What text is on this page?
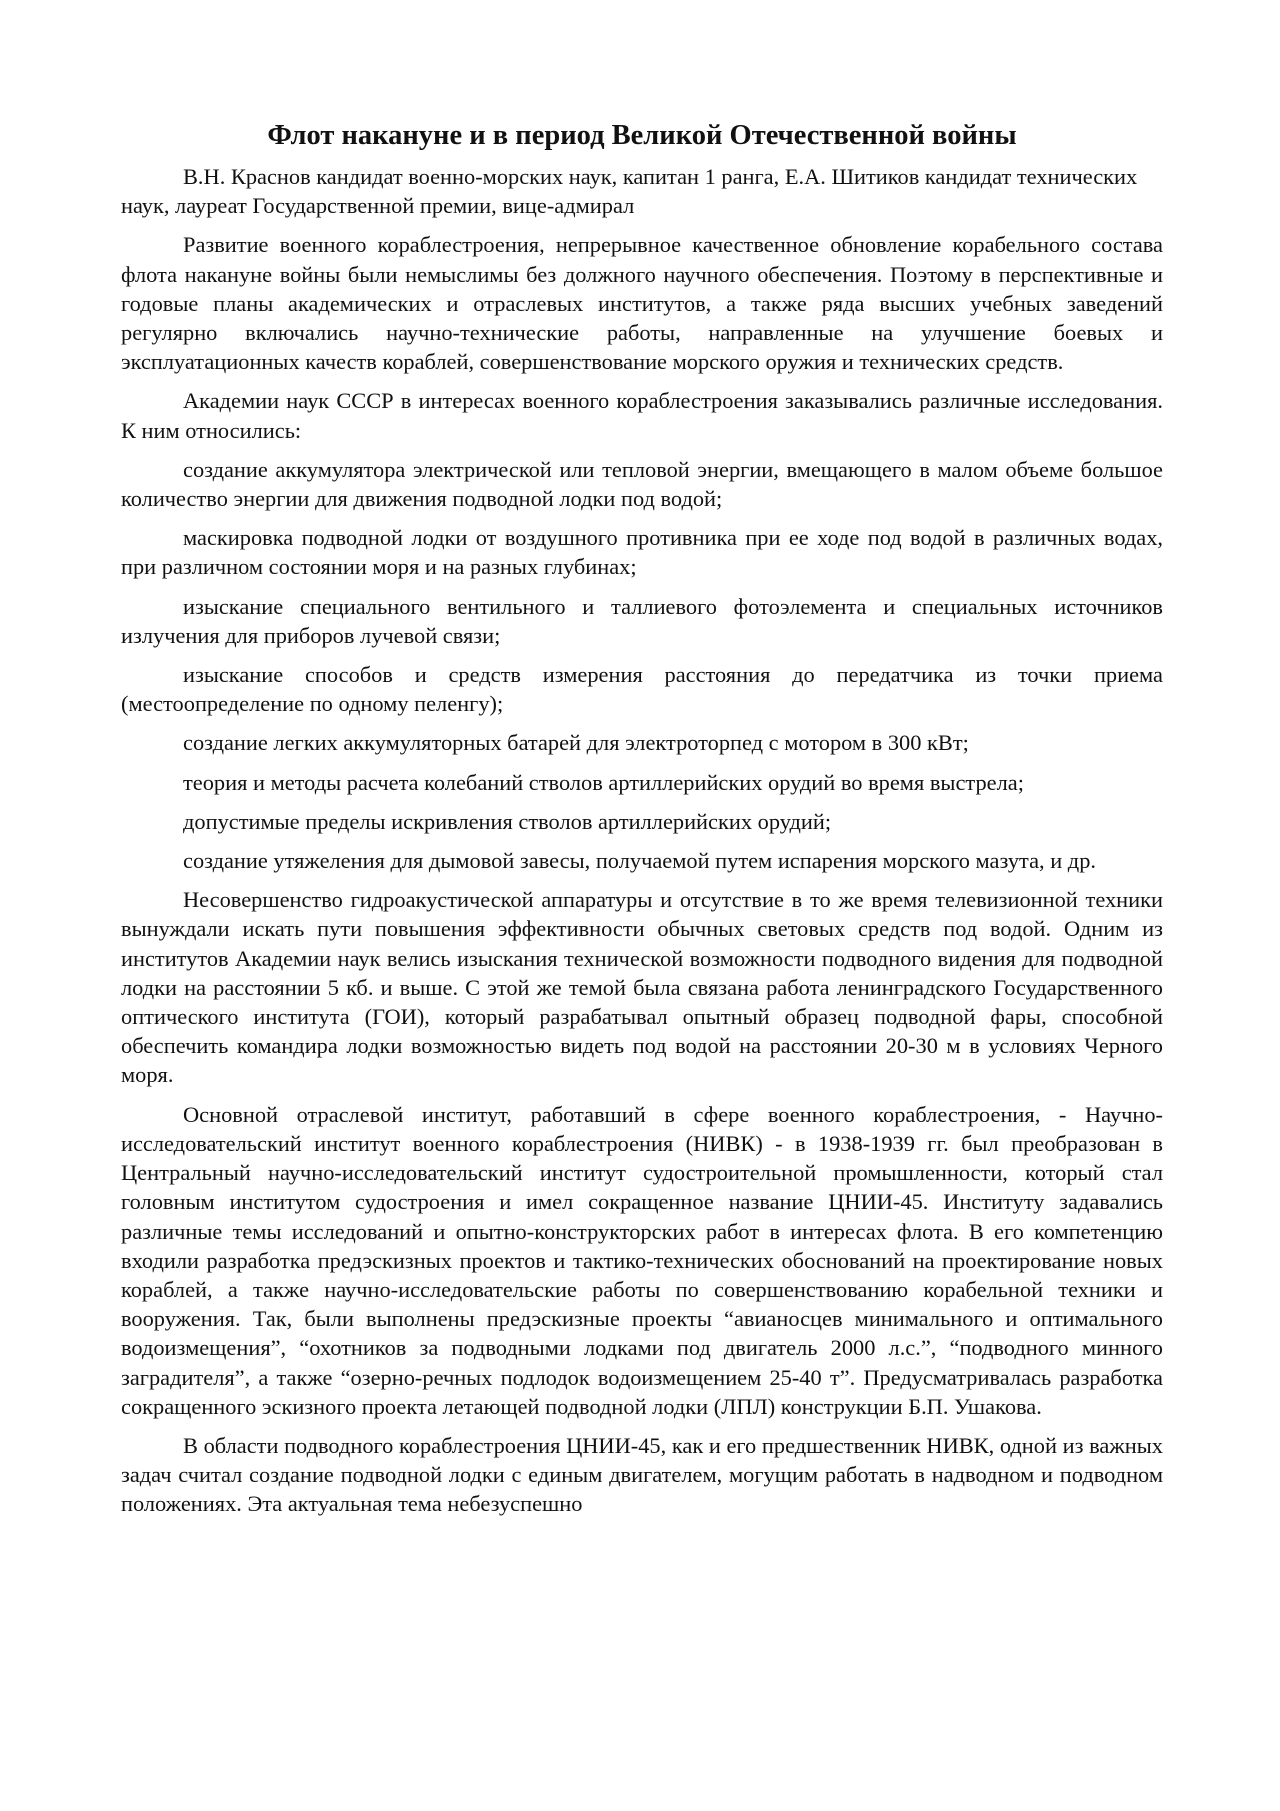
Флот накануне и в период Великой Отечественной войны

В.Н. Краснов кандидат военно-морских наук, капитан 1 ранга, Е.А. Шитиков кандидат технических наук, лауреат Государственной премии, вице-адмирал

Развитие военного кораблестроения, непрерывное качественное обновление корабельного состава флота накануне войны были немыслимы без должного научного обеспечения. Поэтому в перспективные и годовые планы академических и отраслевых институтов, а также ряда высших учебных заведений регулярно включались научно-технические работы, направленные на улучшение боевых и эксплуатационных качеств кораблей, совершенствование морского оружия и технических средств.

Академии наук СССР в интересах военного кораблестроения заказывались различные исследования. К ним относились:

создание аккумулятора электрической или тепловой энергии, вмещающего в малом объеме большое количество энергии для движения подводной лодки под водой;

маскировка подводной лодки от воздушного противника при ее ходе под водой в различных водах, при различном состоянии моря и на разных глубинах;

изыскание специального вентильного и таллиевого фотоэлемента и специальных источников излучения для приборов лучевой связи;

изыскание способов и средств измерения расстояния до передатчика из точки приема (местоопределение по одному пеленгу);

создание легких аккумуляторных батарей для электроторпед с мотором в 300 кВт;

теория и методы расчета колебаний стволов артиллерийских орудий во время выстрела;

допустимые пределы искривления стволов артиллерийских орудий;

создание утяжеления для дымовой завесы, получаемой путем испарения морского мазута, и др.

Несовершенство гидроакустической аппаратуры и отсутствие в то же время телевизионной техники вынуждали искать пути повышения эффективности обычных световых средств под водой. Одним из институтов Академии наук велись изыскания технической возможности подводного видения для подводной лодки на расстоянии 5 кб. и выше. С этой же темой была связана работа ленинградского Государственного оптического института (ГОИ), который разрабатывал опытный образец подводной фары, способной обеспечить командира лодки возможностью видеть под водой на расстоянии 20-30 м в условиях Черного моря.

Основной отраслевой институт, работавший в сфере военного кораблестроения, - Научно-исследовательский институт военного кораблестроения (НИВК) - в 1938-1939 гг. был преобразован в Центральный научно-исследовательский институт судостроительной промышленности, который стал головным институтом судостроения и имел сокращенное название ЦНИИ-45. Институту задавались различные темы исследований и опытно-конструкторских работ в интересах флота. В его компетенцию входили разработка предэскизных проектов и тактико-технических обоснований на проектирование новых кораблей, а также научно-исследовательские работы по совершенствованию корабельной техники и вооружения. Так, были выполнены предэскизные проекты “авианосцев минимального и оптимального водоизмещения”, “охотников за подводными лодками под двигатель 2000 л.с.”, “подводного минного заградителя”, а также “озерно-речных подлодок водоизмещением 25-40 т”. Предусматривалась разработка сокращенного эскизного проекта летающей подводной лодки (ЛПЛ) конструкции Б.П. Ушакова.

В области подводного кораблестроения ЦНИИ-45, как и его предшественник НИВК, одной из важных задач считал создание подводной лодки с единым двигателем, могущим работать в надводном и подводном положениях. Эта актуальная тема небезуспешно
